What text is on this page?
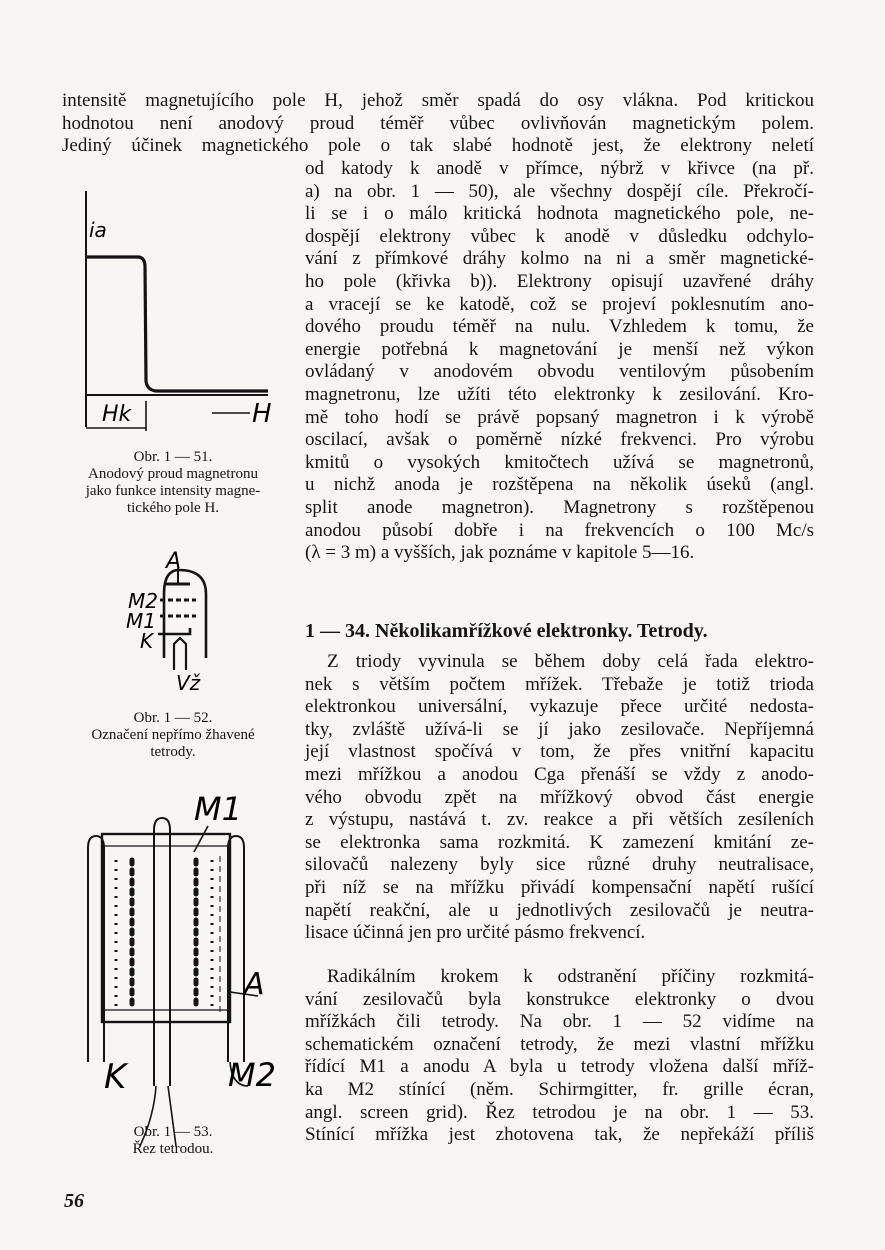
intensitě magnetujícího pole H, jehož směr spadá do osy vlákna. Pod kritickou
hodnotou není anodový proud téměř vůbec ovlivňován magnetickým polem.
Jediný účinek magnetického pole o tak slabé hodnotě jest, že elektrony neletí
od katody k anodě v přímce, nýbrž v křivce (na př.
a) na obr. 1 — 50), ale všechny dospějí cíle. Překročí-
li se i o málo kritická hodnota magnetického pole, ne-
dospějí elektrony vůbec k anodě v důsledku odchylo-
vání z přímkové dráhy kolmo na ni a směr magnetické-
ho pole (křivka b)). Elektrony opisují uzavřené dráhy
a vracejí se ke katodě, což se projeví poklesnutím ano-
dového proudu téměř na nulu. Vzhledem k tomu, že
energie potřebná k magnetování je menší než výkon
ovládaný v anodovém obvodu ventilovým působením
magnetronu, lze užíti této elektronky k zesilování. Kro-
mě toho hodí se právě popsaný magnetron i k výrobě
oscilací, avšak o poměrně nízké frekvenci. Pro výrobu
kmitů o vysokých kmitočtech užívá se magnetronů,
u nichž anoda je rozštěpena na několik úseků (angl.
split anode magnetron). Magnetrony s rozštěpenou
anodou působí dobře i na frekvencích o 100 Mc/s
(λ = 3 m) a vyšších, jak poznáme v kapitole 5—16.
1 — 34. Několikamřížkové elektronky. Tetrody.
Z triody vyvinula se během doby celá řada elektro-
nek s větším počtem mřížek. Třebaže je totiž trioda
elektronkou universální, vykazuje přece určité nedosta-
tky, zvláště užívá-li se jí jako zesilovače. Nepříjemná
její vlastnost spočívá v tom, že přes vnitřní kapacitu
mezi mřížkou a anodou Cga přenáší se vždy z anodo-
vého obvodu zpět na mřížkový obvod část energie
z výstupu, nastává t. zv. reakce a při větších zesíleních
se elektronka sama rozkmitá. K zamezení kmitání ze-
silovačů nalezeny byly sice různé druhy neutralisace,
při níž se na mřížku přivádí kompensační napětí rušící
napětí reakční, ale u jednotlivých zesilovačů je neutra-
lisace účinná jen pro určité pásmo frekvencí.
Radikálním krokem k odstranění příčiny rozkmitá-
vání zesilovačů byla konstrukce elektronky o dvou
mřížkách čili tetrody. Na obr. 1 — 52 vidíme na
schematickém označení tetrody, že mezi vlastní mřížku
řídící M1 a anodu A byla u tetrody vložena další mříž-
ka M2 stínící (něm. Schirmgitter, fr. grille écran,
angl. screen grid). Řez tetrodou je na obr. 1 — 53.
Stínící mřížka jest zhotovena tak, že nepřekáží příliš
ia
Hk	H

Obr. 1 — 51.
Anodový proud magnetronu
jako funkce intensity magne-
tického pole H.

A
M2
M1
K
Vž

Obr. 1 — 52.
Označení nepřímo žhavené
tetrody.

M1
A
K	M2

Obr. 1 — 53.
Řez tetrodou.

56
